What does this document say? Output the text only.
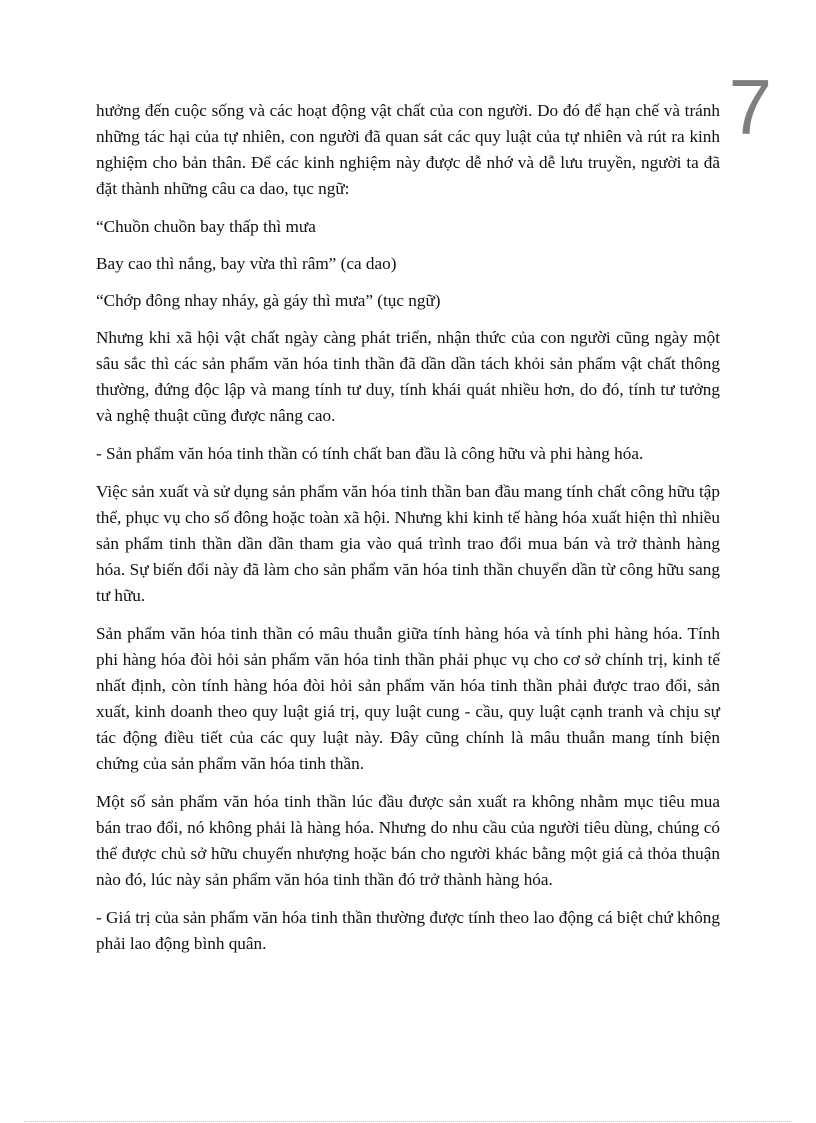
7

hưởng đến cuộc sống và các hoạt động vật chất của con người. Do đó để hạn chế và tránh những tác hại của tự nhiên, con người đã quan sát các quy luật của tự nhiên và rút ra kinh nghiệm cho bản thân. Để các kinh nghiệm này được dễ nhớ và dễ lưu truyền, người ta đã đặt thành những câu ca dao, tục ngữ:

“Chuồn chuồn bay thấp thì mưa

Bay cao thì nắng, bay vừa thì râm” (ca dao)

“Chớp đông nhay nháy, gà gáy thì mưa” (tục ngữ)

Nhưng khi xã hội vật chất ngày càng phát triển, nhận thức của con người cũng ngày một sâu sắc thì các sản phẩm văn hóa tinh thần đã dần dần tách khỏi sản phẩm vật chất thông thường, đứng độc lập và mang tính tư duy, tính khái quát nhiều hơn, do đó, tính tư tưởng và nghệ thuật cũng được nâng cao.

- Sản phẩm văn hóa tinh thần có tính chất ban đầu là công hữu và phi hàng hóa.

Việc sản xuất và sử dụng sản phẩm văn hóa tinh thần ban đầu mang tính chất công hữu tập thể, phục vụ cho số đông hoặc toàn xã hội. Nhưng khi kinh tế hàng hóa xuất hiện thì nhiều sản phẩm tinh thần dần dần tham gia vào quá trình trao đổi mua bán và trở thành hàng hóa. Sự biến đổi này đã làm cho sản phẩm văn hóa tinh thần chuyển dần từ công hữu sang tư hữu.

Sản phẩm văn hóa tinh thần có mâu thuẫn giữa tính hàng hóa và tính phi hàng hóa. Tính phi hàng hóa đòi hỏi sản phẩm văn hóa tinh thần phải phục vụ cho cơ sở chính trị, kinh tế nhất định, còn tính hàng hóa đòi hỏi sản phẩm văn hóa tinh thần phải được trao đổi, sản xuất, kinh doanh theo quy luật giá trị, quy luật cung - cầu, quy luật cạnh tranh và chịu sự tác động điều tiết của các quy luật này. Đây cũng chính là mâu thuẫn mang tính biện chứng của sản phẩm văn hóa tinh thần.

Một số sản phẩm văn hóa tinh thần lúc đầu được sản xuất ra không nhằm mục tiêu mua bán trao đổi, nó không phải là hàng hóa. Nhưng do nhu cầu của người tiêu dùng, chúng có thể được chủ sở hữu chuyển nhượng hoặc bán cho người khác bằng một giá cả thỏa thuận nào đó, lúc này sản phẩm văn hóa tinh thần đó trở thành hàng hóa.

- Giá trị của sản phẩm văn hóa tinh thần thường được tính theo lao động cá biệt chứ không phải lao động bình quân.
